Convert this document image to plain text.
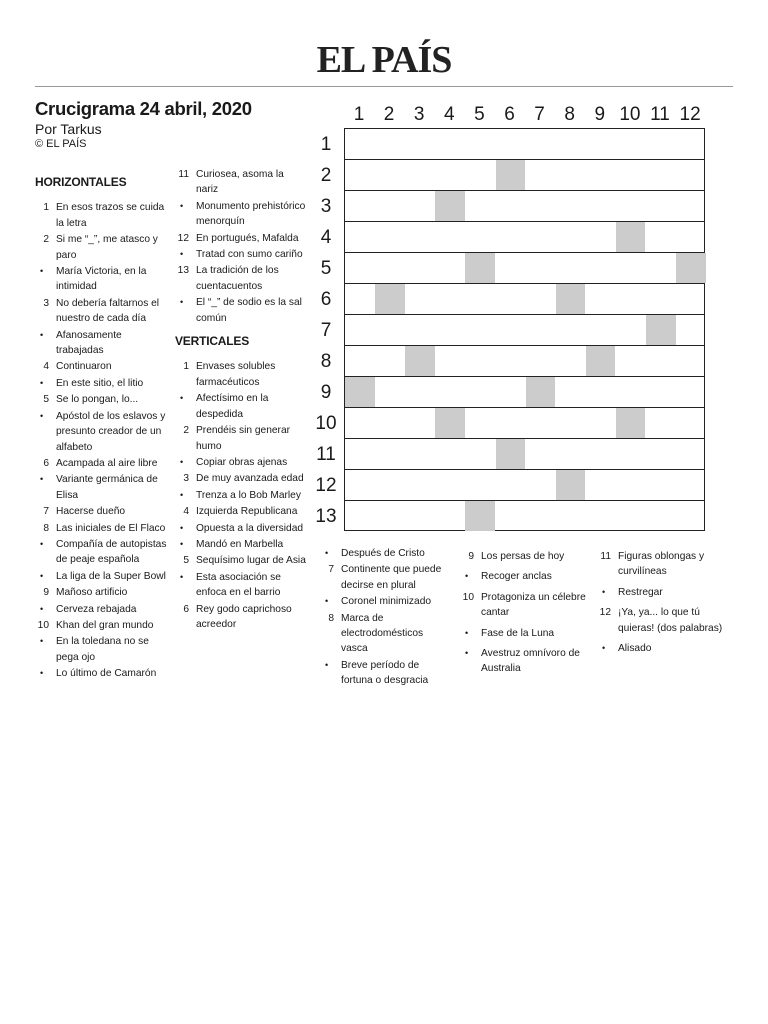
EL PAÍS
Crucigrama 24 abril, 2020
Por Tarkus
© EL PAÍS
HORIZONTALES
1 En esos trazos se cuida la letra
2 Si me “_”, me atasco y paro
• María Victoria, en la intimidad
3 No debería faltarnos el nuestro de cada día
• Afanosamente trabajadas
4 Continuaron
• En este sitio, el litio
5 Se lo pongan, lo...
• Apóstol de los eslavos y presunto creador de un alfabeto
6 Acampada al aire libre
• Variante germánica de Elisa
7 Hacerse dueño
8 Las iniciales de El Flaco
• Compañía de autopistas de peaje española
• La liga de la Super Bowl
9 Mañoso artificio
• Cerveza rebajada
10 Khan del gran mundo
• En la toledana no se pega ojo
• Lo último de Camarón
11 Curiosea, asoma la nariz
• Monumento prehistórico menorquín
12 En portugués, Mafalda
• Tratad con sumo cariño
13 La tradición de los cuentacuentos
• El “_” de sodio es la sal común
VERTICALES
1 Envases solubles farmacéuticos
• Afectísimo en la despedida
2 Prendéis sin generar humo
• Copiar obras ajenas
3 De muy avanzada edad
• Trenza a lo Bob Marley
4 Izquierda Republicana
• Opuesta a la diversidad
• Mandó en Marbella
5 Sequísimo lugar de Asia
• Esta asociación se enfoca en el barrio
6 Rey godo caprichoso acreedor
• Después de Cristo
7 Continente que puede decirse en plural
• Coronel minimizado
8 Marca de electrodomésticos vasca
• Breve período de fortuna o desgracia
9 Los persas de hoy
• Recoger anclas
10 Protagoniza un célebre cantar
• Fase de la Luna
• Avestruz omnívoro de Australia
11 Figuras oblongas y curvilíneas
• Restregar
12 ¡Ya, ya... lo que tú quieras! (dos palabras)
• Alisado
1	2	3	4	5	6	7	8	9 10 11 12
1
2
3
4
5
6
7
8
9
10
11
12
13
